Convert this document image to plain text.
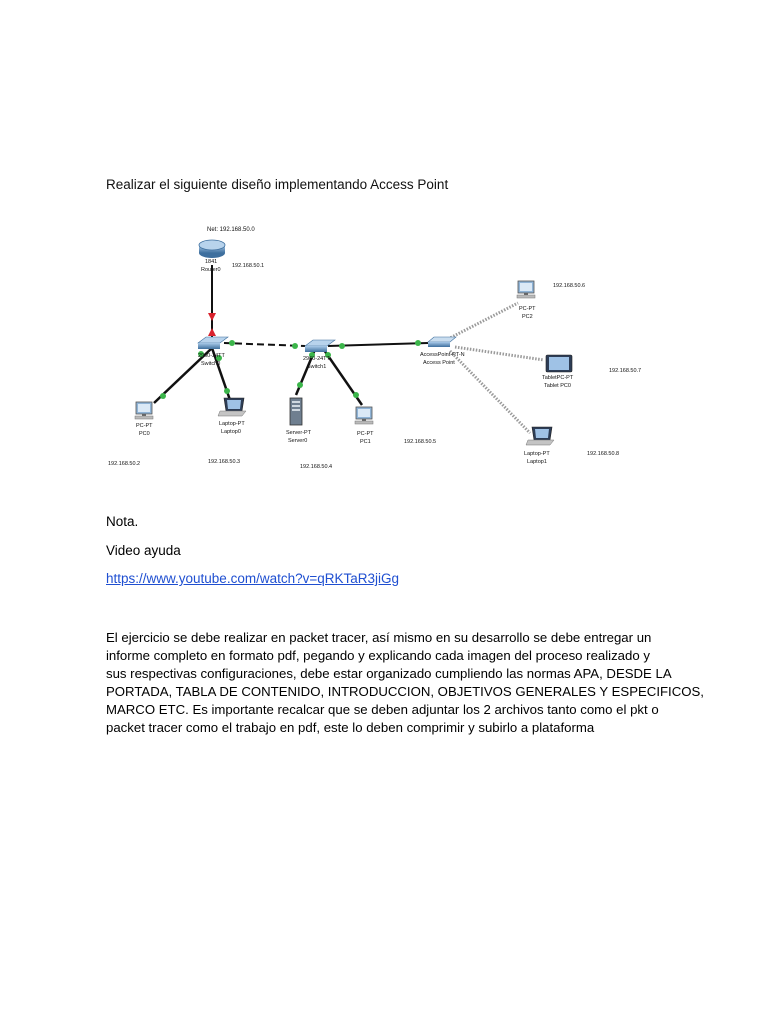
Realizar el siguiente diseño implementando Access Point
Net: 192.168.50.0
1841
Router0
192.168.50.1
2960-24TT
Switch0
2960-24TT
Switch1
AccessPoint-PT-N
Access Point
PC-PT
PC0
192.168.50.2
Laptop-PT
Laptop0
192.168.50.3
Server-PT
Server0
192.168.50.4
PC-PT
PC1	192.168.50.5
PC-PT
PC2
192.168.50.6
TabletPC-PT
Tablet PC0
192.168.50.7
Laptop-PT
Laptop1
192.168.50.8
Nota.
Video ayuda
https://www.youtube.com/watch?v=qRKTaR3jiGg
El ejercicio se debe realizar en packet tracer, así mismo en su desarrollo se debe entregar un
informe completo en formato pdf, pegando y explicando cada imagen del proceso realizado y
sus respectivas configuraciones, debe estar organizado cumpliendo las normas APA, DESDE LA
PORTADA, TABLA DE CONTENIDO, INTRODUCCION, OBJETIVOS GENERALES Y ESPECIFICOS,
MARCO ETC. Es importante recalcar que se deben adjuntar los 2 archivos tanto como el pkt o
packet tracer como el trabajo en pdf, este lo deben comprimir y subirlo a plataforma
